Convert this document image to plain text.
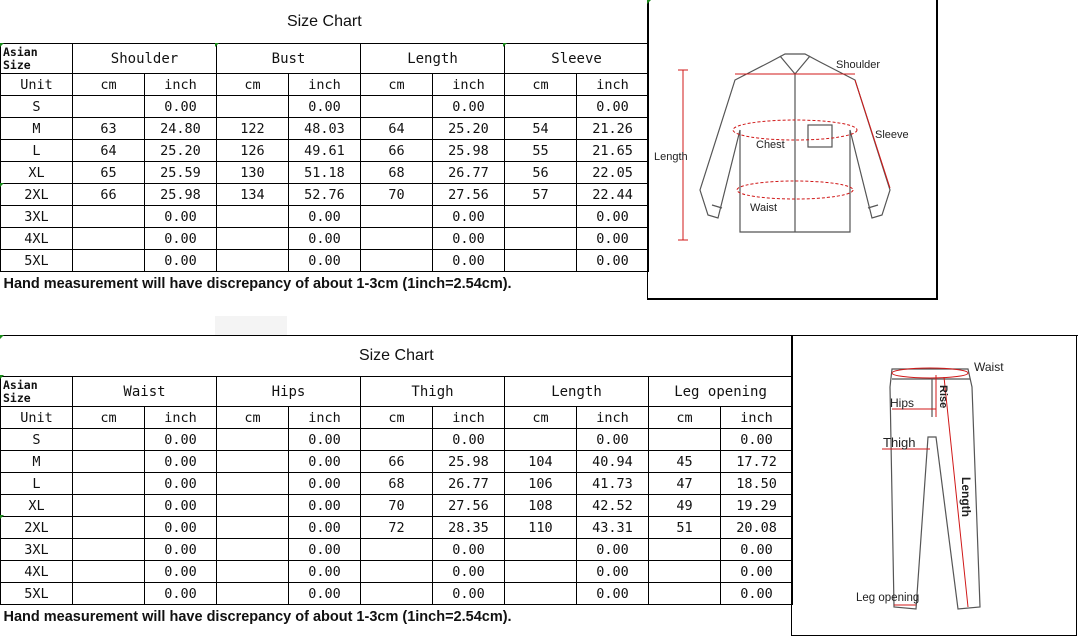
Size Chart								
Asian Size	Shoulder		Bust		Length		Sleeve	
Unit	cm	inch	cm	inch	cm	inch	cm	inch
S		0.00		0.00		0.00		0.00
M	63	24.80	122	48.03	64	25.20	54	21.26
L	64	25.20	126	49.61	66	25.98	55	21.65
XL	65	25.59	130	51.18	68	26.77	56	22.05
2XL	66	25.98	134	52.76	70	27.56	57	22.44
3XL		0.00		0.00		0.00		0.00
4XL		0.00		0.00		0.00		0.00
5XL		0.00		0.00		0.00		0.00
Hand measurement will have discrepancy of about 1-3cm (1inch=2.54cm).								
Shoulder
Sleeve
Length
Chest
Waist
Size Chart										
Asian Size	Waist		Hips		Thigh		Length		Leg opening	
Unit	cm	inch	cm	inch	cm	inch	cm	inch	cm	inch
S		0.00		0.00		0.00		0.00		0.00
M		0.00		0.00	66	25.98	104	40.94	45	17.72
L		0.00		0.00	68	26.77	106	41.73	47	18.50
XL		0.00		0.00	70	27.56	108	42.52	49	19.29
2XL		0.00		0.00	72	28.35	110	43.31	51	20.08
3XL		0.00		0.00		0.00		0.00		0.00
4XL		0.00		0.00		0.00		0.00		0.00
5XL		0.00		0.00		0.00		0.00		0.00
Hand measurement will have discrepancy of about 1-3cm (1inch=2.54cm).										
Waist
Hips Rise
Thigh
Length
Leg opening
